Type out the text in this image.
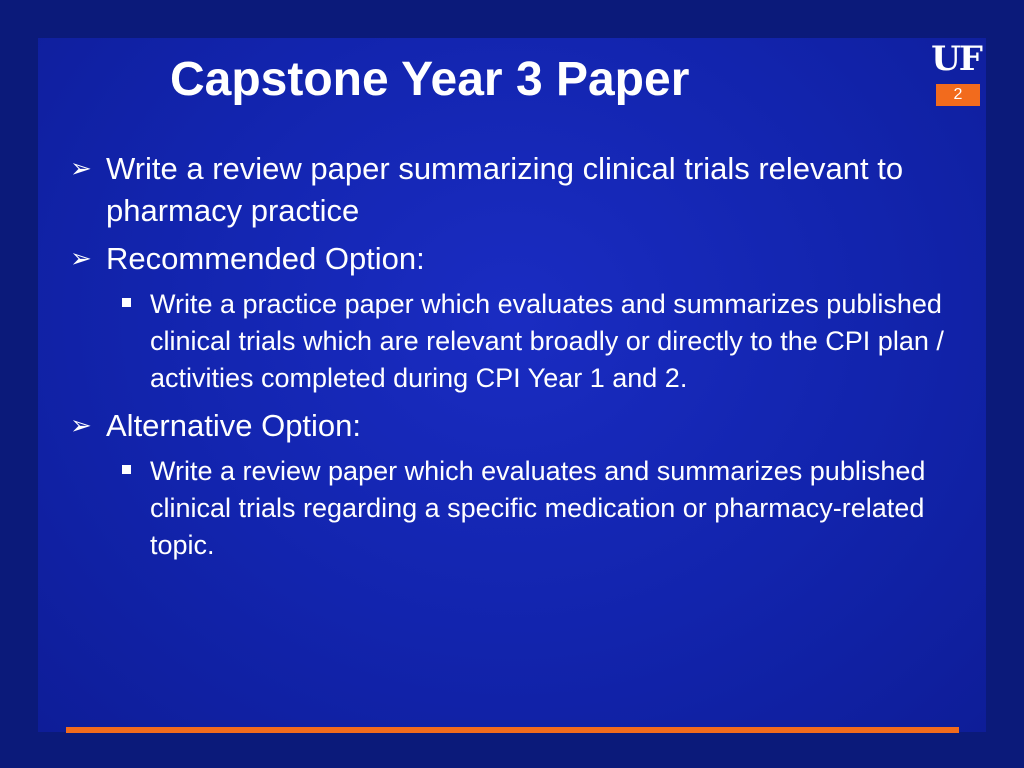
Capstone Year 3 Paper	UF
2

➢ Write a review paper summarizing clinical trials relevant to pharmacy practice

➢ Recommended Option:

Write a practice paper which evaluates and summarizes published clinical trials which are relevant broadly or directly to the CPI plan / activities completed during CPI Year 1 and 2.

➢ Alternative Option:

Write a review paper which evaluates and summarizes published clinical trials regarding a specific medication or pharmacy-related topic.
